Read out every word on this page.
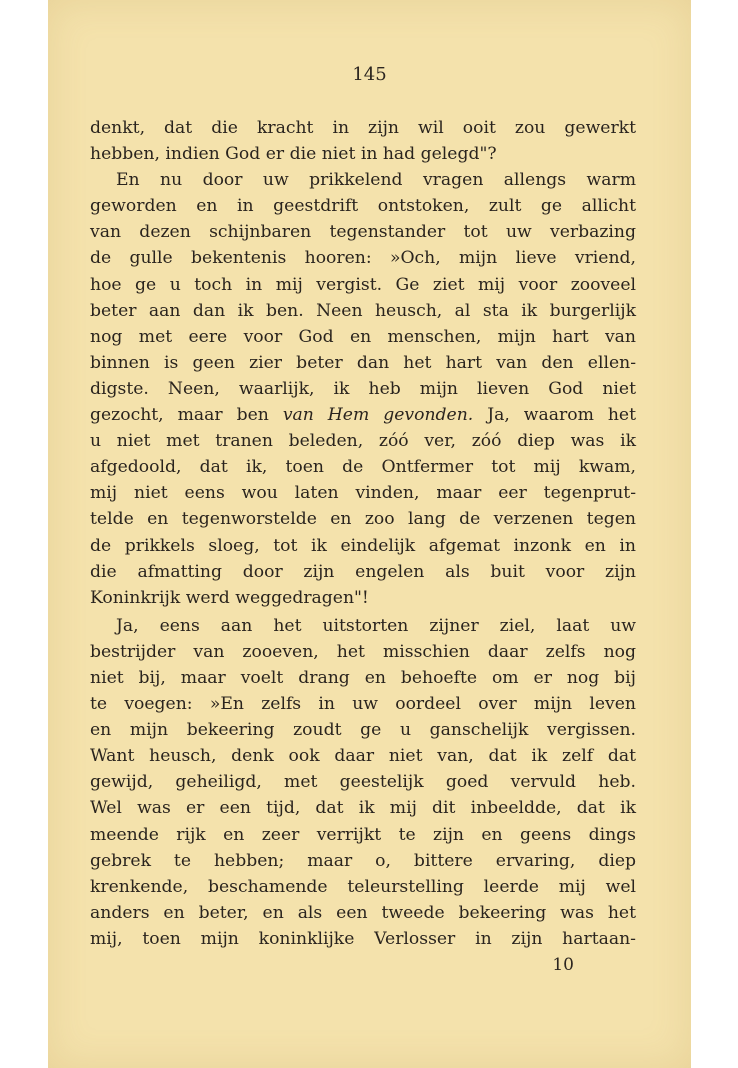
145
denkt, dat die kracht in zijn wil ooit zou gewerkt
hebben, indien God er die niet in had gelegd"?
En nu door uw prikkelend vragen allengs warm
geworden en in geestdrift ontstoken, zult ge allicht
van dezen schijnbaren tegenstander tot uw verbazing
de gulle bekentenis hooren: »Och, mijn lieve vriend,
hoe ge u toch in mij vergist. Ge ziet mij voor zooveel
beter aan dan ik ben. Neen heusch, al sta ik burgerlijk
nog met eere voor God en menschen, mijn hart van
binnen is geen zier beter dan het hart van den ellen-
digste. Neen, waarlijk, ik heb mijn lieven God niet
gezocht, maar ben van Hem gevonden. Ja, waarom het
u niet met tranen beleden, zóó ver, zóó diep was ik
afgedoold, dat ik, toen de Ontfermer tot mij kwam,
mij niet eens wou laten vinden, maar eer tegenprut-
telde en tegenworstelde en zoo lang de verzenen tegen
de prikkels sloeg, tot ik eindelijk afgemat inzonk en in
die afmatting door zijn engelen als buit voor zijn
Koninkrijk werd weggedragen"!
Ja, eens aan het uitstorten zijner ziel, laat uw
bestrijder van zooeven, het misschien daar zelfs nog
niet bij, maar voelt drang en behoefte om er nog bij
te voegen: »En zelfs in uw oordeel over mijn leven
en mijn bekeering zoudt ge u ganschelijk vergissen.
Want heusch, denk ook daar niet van, dat ik zelf dat
gewijd, geheiligd, met geestelijk goed vervuld heb.
Wel was er een tijd, dat ik mij dit inbeeldde, dat ik
meende rijk en zeer verrijkt te zijn en geens dings
gebrek te hebben; maar o, bittere ervaring, diep
krenkende, beschamende teleurstelling leerde mij wel
anders en beter, en als een tweede bekeering was het
mij, toen mijn koninklijke Verlosser in zijn hartaan-
10
